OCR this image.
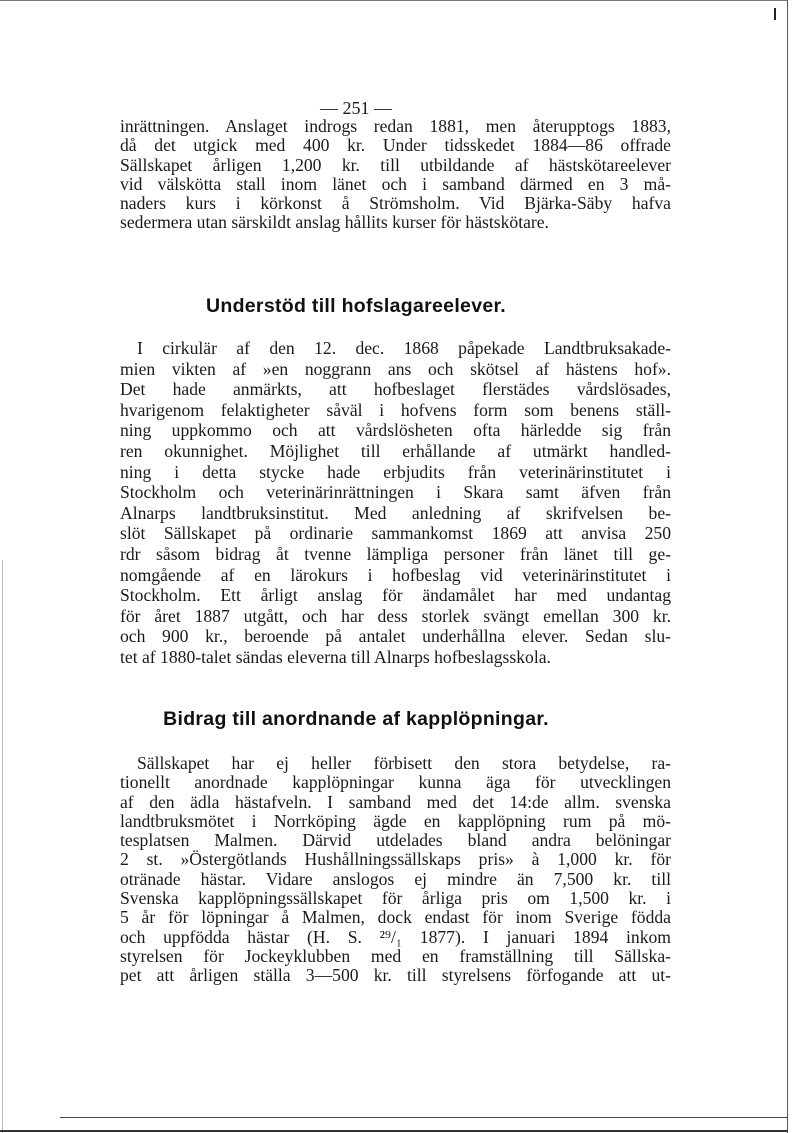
— 251 —
inrättningen. Anslaget indrogs redan 1881, men återupptogs 1883,
då det utgick med 400 kr. Under tidsskedet 1884—86 offrade
Sällskapet årligen 1,200 kr. till utbildande af hästskötareelever
vid välskötta stall inom länet och i samband därmed en 3 må-
naders kurs i körkonst å Strömsholm. Vid Bjärka-Säby hafva
sedermera utan särskildt anslag hållits kurser för hästskötare.
Understöd till hofslagareelever.
I cirkulär af den 12. dec. 1868 påpekade Landtbruksakade-
mien vikten af »en noggrann ans och skötsel af hästens hof».
Det hade anmärkts, att hofbeslaget flerstädes vårdslösades,
hvarigenom felaktigheter såväl i hofvens form som benens ställ-
ning uppkommo och att vårdslösheten ofta härledde sig från
ren okunnighet. Möjlighet till erhållande af utmärkt handled-
ning i detta stycke hade erbjudits från veterinärinstitutet i
Stockholm och veterinärinrättningen i Skara samt äfven från
Alnarps landtbruksinstitut. Med anledning af skrifvelsen be-
slöt Sällskapet på ordinarie sammankomst 1869 att anvisa 250
rdr såsom bidrag åt tvenne lämpliga personer från länet till ge-
nomgående af en lärokurs i hofbeslag vid veterinärinstitutet i
Stockholm. Ett årligt anslag för ändamålet har med undantag
för året 1887 utgått, och har dess storlek svängt emellan 300 kr.
och 900 kr., beroende på antalet underhållna elever. Sedan slu-
tet af 1880-talet sändas eleverna till Alnarps hofbeslagsskola.
Bidrag till anordnande af kapplöpningar.
Sällskapet har ej heller förbisett den stora betydelse, ra-
tionellt anordnade kapplöpningar kunna äga för utvecklingen
af den ädla hästafveln. I samband med det 14:de allm. svenska
landtbruksmötet i Norrköping ägde en kapplöpning rum på mö-
tesplatsen Malmen. Därvid utdelades bland andra belöningar
2 st. »Östergötlands Hushållningssällskaps pris» à 1,000 kr. för
otränade hästar. Vidare anslogos ej mindre än 7,500 kr. till
Svenska kapplöpningssällskapet för årliga pris om 1,500 kr. i
5 år för löpningar å Malmen, dock endast för inom Sverige födda
och uppfödda hästar (H. S. ²⁹/₁ 1877). I januari 1894 inkom
styrelsen för Jockeyklubben med en framställning till Sällska-
pet att årligen ställa 3—500 kr. till styrelsens förfogande att ut-
